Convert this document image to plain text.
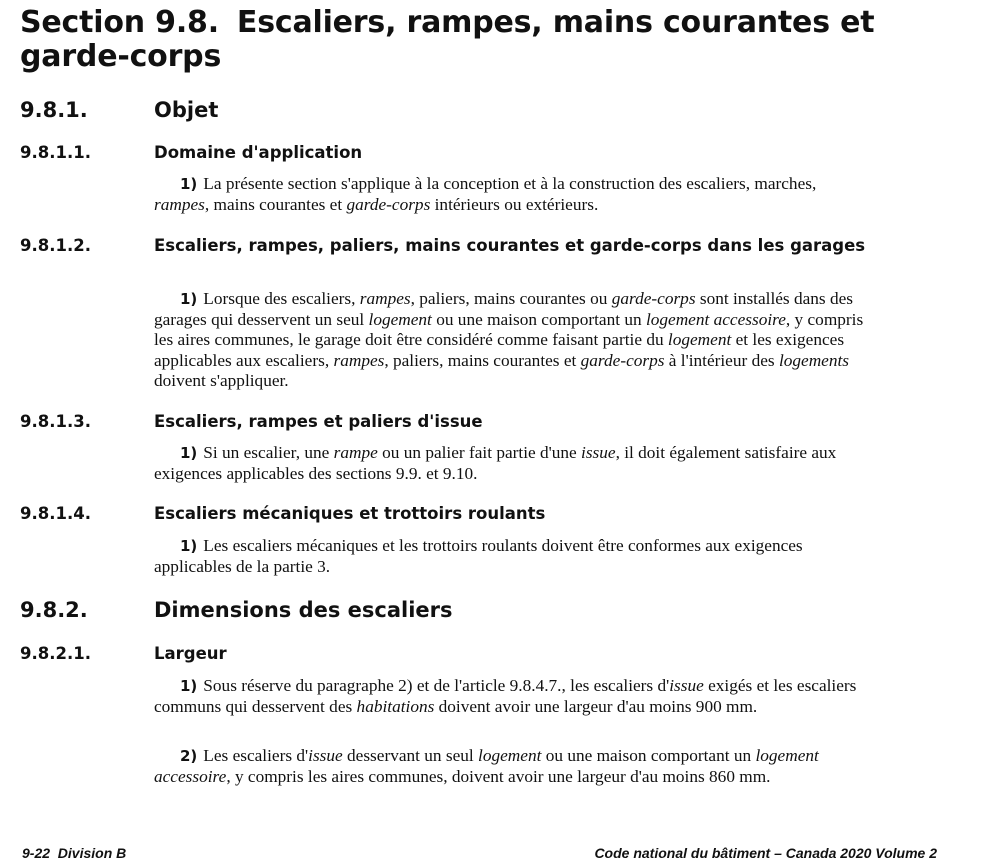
Section 9.8. Escaliers, rampes, mains courantes et garde-corps
9.8.1.	Objet
9.8.1.1.	Domaine d'application
1) La présente section s'applique à la conception et à la construction des escaliers, marches, rampes, mains courantes et garde-corps intérieurs ou extérieurs.
9.8.1.2.	Escaliers, rampes, paliers, mains courantes et garde-corps dans les garages
1) Lorsque des escaliers, rampes, paliers, mains courantes ou garde-corps sont installés dans des garages qui desservent un seul logement ou une maison comportant un logement accessoire, y compris les aires communes, le garage doit être considéré comme faisant partie du logement et les exigences applicables aux escaliers, rampes, paliers, mains courantes et garde-corps à l'intérieur des logements doivent s'appliquer.
9.8.1.3.	Escaliers, rampes et paliers d'issue
1) Si un escalier, une rampe ou un palier fait partie d'une issue, il doit également satisfaire aux exigences applicables des sections 9.9. et 9.10.
9.8.1.4.	Escaliers mécaniques et trottoirs roulants
1) Les escaliers mécaniques et les trottoirs roulants doivent être conformes aux exigences applicables de la partie 3.
9.8.2.	Dimensions des escaliers
9.8.2.1.	Largeur
1) Sous réserve du paragraphe 2) et de l'article 9.8.4.7., les escaliers d'issue exigés et les escaliers communs qui desservent des habitations doivent avoir une largeur d'au moins 900 mm.
2) Les escaliers d'issue desservant un seul logement ou une maison comportant un logement accessoire, y compris les aires communes, doivent avoir une largeur d'au moins 860 mm.
9-22  Division B	Code national du bâtiment – Canada 2020 Volume 2
